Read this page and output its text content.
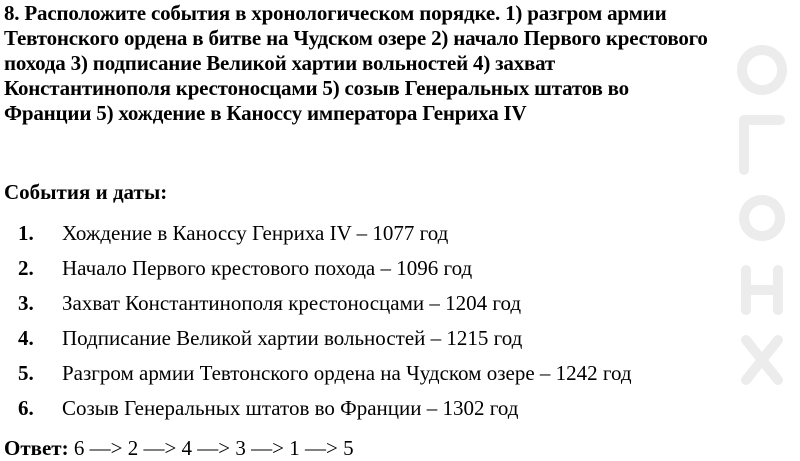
8. Расположите события в хронологическом порядке. 1) разгром армии
Тевтонского ордена в битве на Чудском озере 2) начало Первого крестового
похода 3) подписание Великой хартии вольностей 4) захват
Константинополя крестоносцами 5) созыв Генеральных штатов во
Франции 5) хождение в Каноссу императора Генриха IV
События и даты:
1. Хождение в Каноссу Генриха IV – 1077 год
2. Начало Первого крестового похода – 1096 год
3. Захват Константинополя крестоносцами – 1204 год
4. Подписание Великой хартии вольностей – 1215 год
5. Разгром армии Тевтонского ордена на Чудском озере – 1242 год
6. Созыв Генеральных штатов во Франции – 1302 год
Ответ: 6 —> 2 —> 4 —> 3 —> 1 —> 5
